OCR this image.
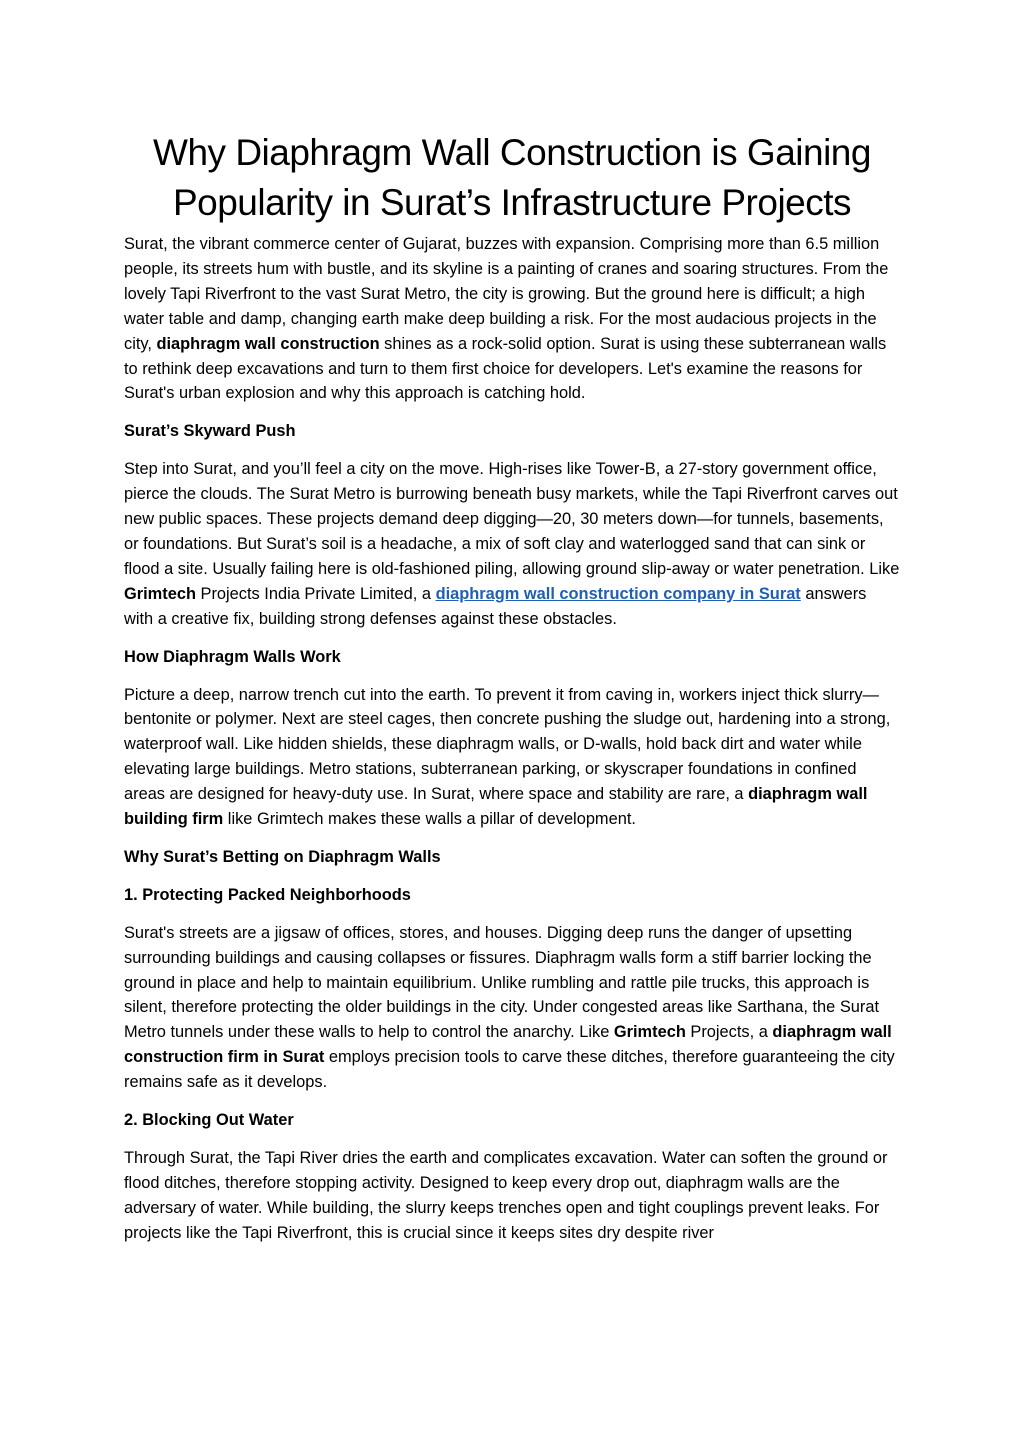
Why Diaphragm Wall Construction is Gaining
Popularity in Surat’s Infrastructure Projects

Surat, the vibrant commerce center of Gujarat, buzzes with expansion. Comprising more than 6.5 million people, its streets hum with bustle, and its skyline is a painting of cranes and soaring structures. From the lovely Tapi Riverfront to the vast Surat Metro, the city is growing. But the ground here is difficult; a high water table and damp, changing earth make deep building a risk. For the most audacious projects in the city, diaphragm wall construction shines as a rock-solid option. Surat is using these subterranean walls to rethink deep excavations and turn to them first choice for developers. Let's examine the reasons for Surat's urban explosion and why this approach is catching hold.

Surat’s Skyward Push

Step into Surat, and you’ll feel a city on the move. High-rises like Tower-B, a 27-story government office, pierce the clouds. The Surat Metro is burrowing beneath busy markets, while the Tapi Riverfront carves out new public spaces. These projects demand deep digging—20, 30 meters down—for tunnels, basements, or foundations. But Surat’s soil is a headache, a mix of soft clay and waterlogged sand that can sink or flood a site. Usually failing here is old-fashioned piling, allowing ground slip-away or water penetration. Like Grimtech Projects India Private Limited, a diaphragm wall construction company in Surat answers with a creative fix, building strong defenses against these obstacles.

How Diaphragm Walls Work

Picture a deep, narrow trench cut into the earth. To prevent it from caving in, workers inject thick slurry—bentonite or polymer. Next are steel cages, then concrete pushing the sludge out, hardening into a strong, waterproof wall. Like hidden shields, these diaphragm walls, or D-walls, hold back dirt and water while elevating large buildings. Metro stations, subterranean parking, or skyscraper foundations in confined areas are designed for heavy-duty use. In Surat, where space and stability are rare, a diaphragm wall building firm like Grimtech makes these walls a pillar of development.

Why Surat’s Betting on Diaphragm Walls

1. Protecting Packed Neighborhoods

Surat's streets are a jigsaw of offices, stores, and houses. Digging deep runs the danger of upsetting surrounding buildings and causing collapses or fissures. Diaphragm walls form a stiff barrier locking the ground in place and help to maintain equilibrium. Unlike rumbling and rattle pile trucks, this approach is silent, therefore protecting the older buildings in the city. Under congested areas like Sarthana, the Surat Metro tunnels under these walls to help to control the anarchy. Like Grimtech Projects, a diaphragm wall construction firm in Surat employs precision tools to carve these ditches, therefore guaranteeing the city remains safe as it develops.

2. Blocking Out Water

Through Surat, the Tapi River dries the earth and complicates excavation. Water can soften the ground or flood ditches, therefore stopping activity. Designed to keep every drop out, diaphragm walls are the adversary of water. While building, the slurry keeps trenches open and tight couplings prevent leaks. For projects like the Tapi Riverfront, this is crucial since it keeps sites dry despite river
